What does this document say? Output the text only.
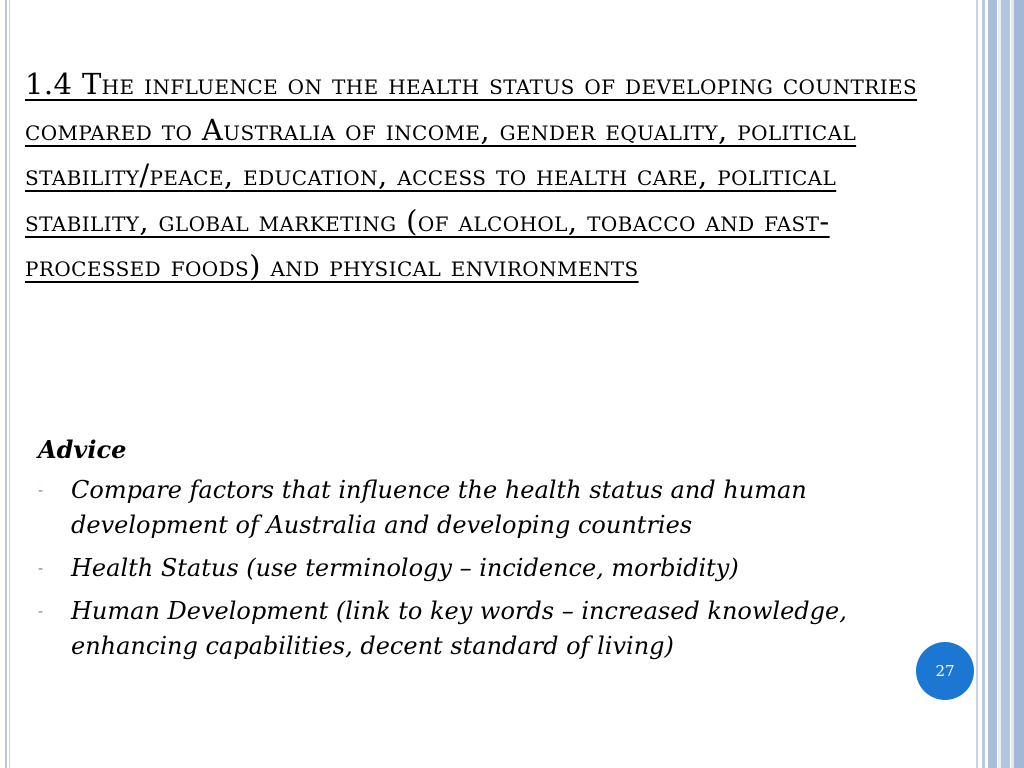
1.4 The influence on the health status of developing countries compared to Australia of income, gender equality, political stability/peace, education, access to health care, political stability, global marketing (of alcohol, tobacco and fast-processed foods) and physical environments
Advice
- Compare factors that influence the health status and human development of Australia and developing countries
- Health Status (use terminology – incidence, morbidity)
- Human Development (link to key words – increased knowledge, enhancing capabilities, decent standard of living)
27
